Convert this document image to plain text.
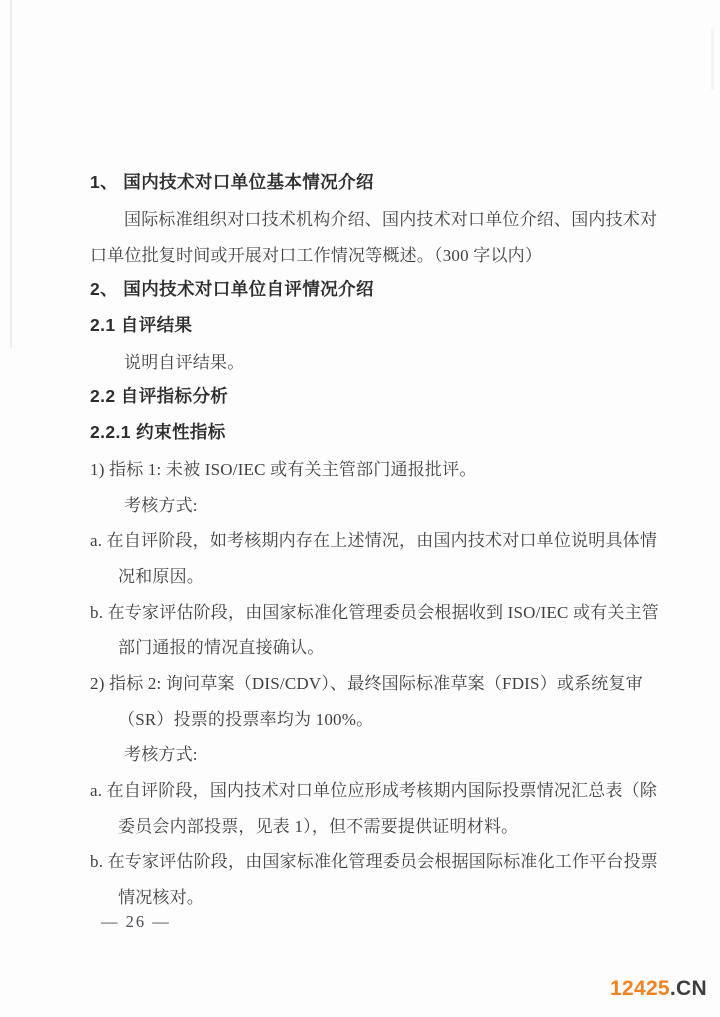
1、 国内技术对口单位基本情况介绍
国际标准组织对口技术机构介绍、国内技术对口单位介绍、国内技术对
口单位批复时间或开展对口工作情况等概述。（300 字以内）
2、 国内技术对口单位自评情况介绍
2.1 自评结果
说明自评结果。
2.2 自评指标分析
2.2.1 约束性指标
1) 指标 1: 未被 ISO/IEC 或有关主管部门通报批评。
考核方式:
a. 在自评阶段，如考核期内存在上述情况，由国内技术对口单位说明具体情
况和原因。
b. 在专家评估阶段，由国家标准化管理委员会根据收到 ISO/IEC 或有关主管
部门通报的情况直接确认。
2) 指标 2: 询问草案（DIS/CDV）、最终国际标准草案（FDIS）或系统复审
（SR）投票的投票率均为 100%。
考核方式:
a. 在自评阶段，国内技术对口单位应形成考核期内国际投票情况汇总表（除
委员会内部投票，见表 1），但不需要提供证明材料。
b. 在专家评估阶段，由国家标准化管理委员会根据国际标准化工作平台投票
情况核对。
— 26 —
12425.CN
